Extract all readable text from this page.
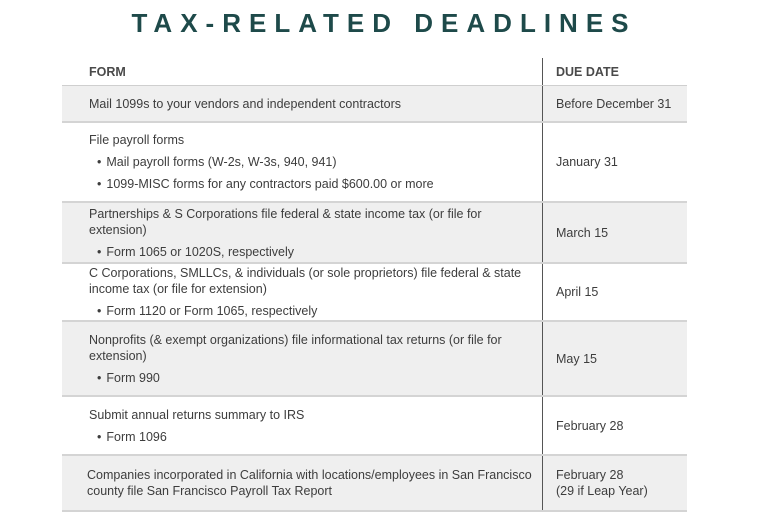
TAX-RELATED DEADLINES
FORM	DUE DATE
Mail 1099s to your vendors and independent contractors	Before December 31
File payroll forms
• Mail payroll forms (W-2s, W-3s, 940, 941)
• 1099-MISC forms for any contractors paid $600.00 or more
January 31
Partnerships & S Corporations file federal & state income tax (or file for extension)
• Form 1065 or 1020S, respectively
March 15
C Corporations, SMLLCs, & individuals (or sole proprietors) file federal & state income tax (or file for extension)
• Form 1120 or Form 1065, respectively
April 15
Nonprofits (& exempt organizations) file informational tax returns (or file for extension)
• Form 990
May 15
Submit annual returns summary to IRS
• Form 1096
February 28
Companies incorporated in California with locations/employees in San Francisco county file San Francisco Payroll Tax Report
February 28
(29 if Leap Year)
